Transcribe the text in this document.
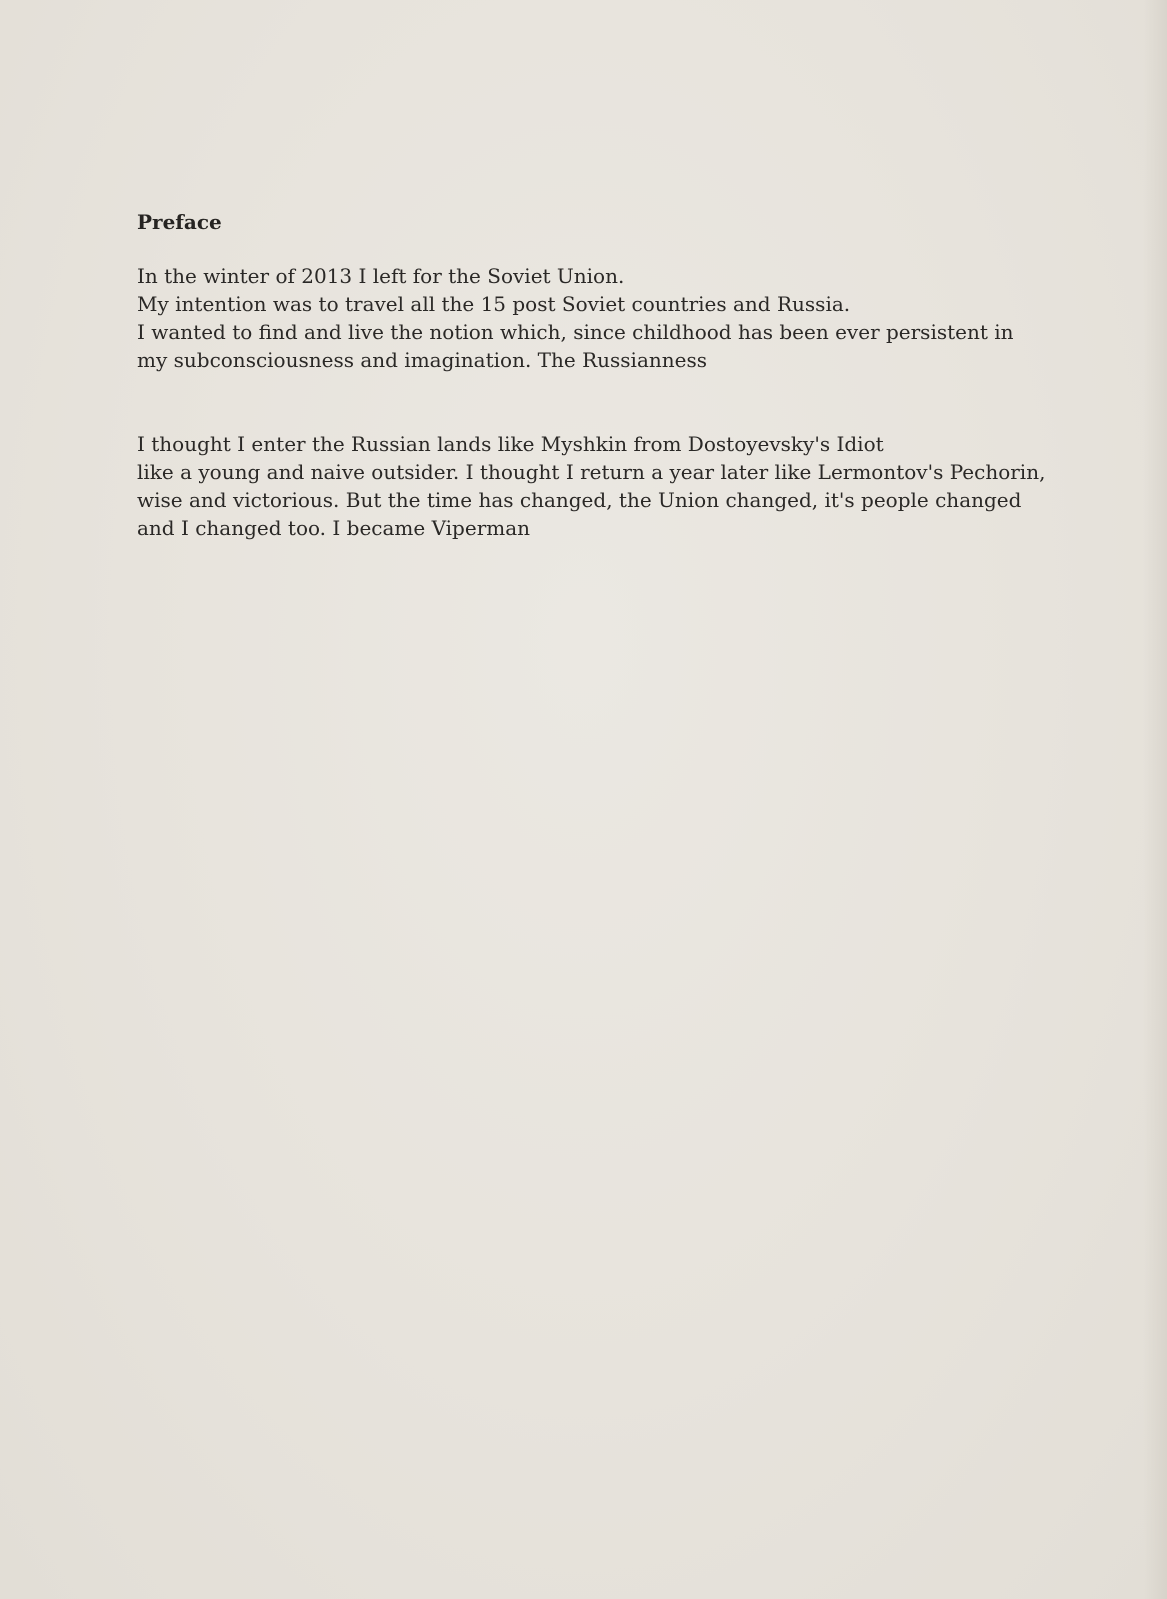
Preface
In the winter of 2013 I left for the Soviet Union.
My intention was to travel all the 15 post Soviet countries and Russia.
I wanted to find and live the notion which, since childhood has been ever persistent in
my subconsciousness and imagination. The Russianness
I thought I enter the Russian lands like Myshkin from Dostoyevsky's Idiot
like a young and naive outsider. I thought I return a year later like Lermontov's Pechorin,
wise and victorious. But the time has changed, the Union changed, it's people changed
and I changed too. I became Viperman
